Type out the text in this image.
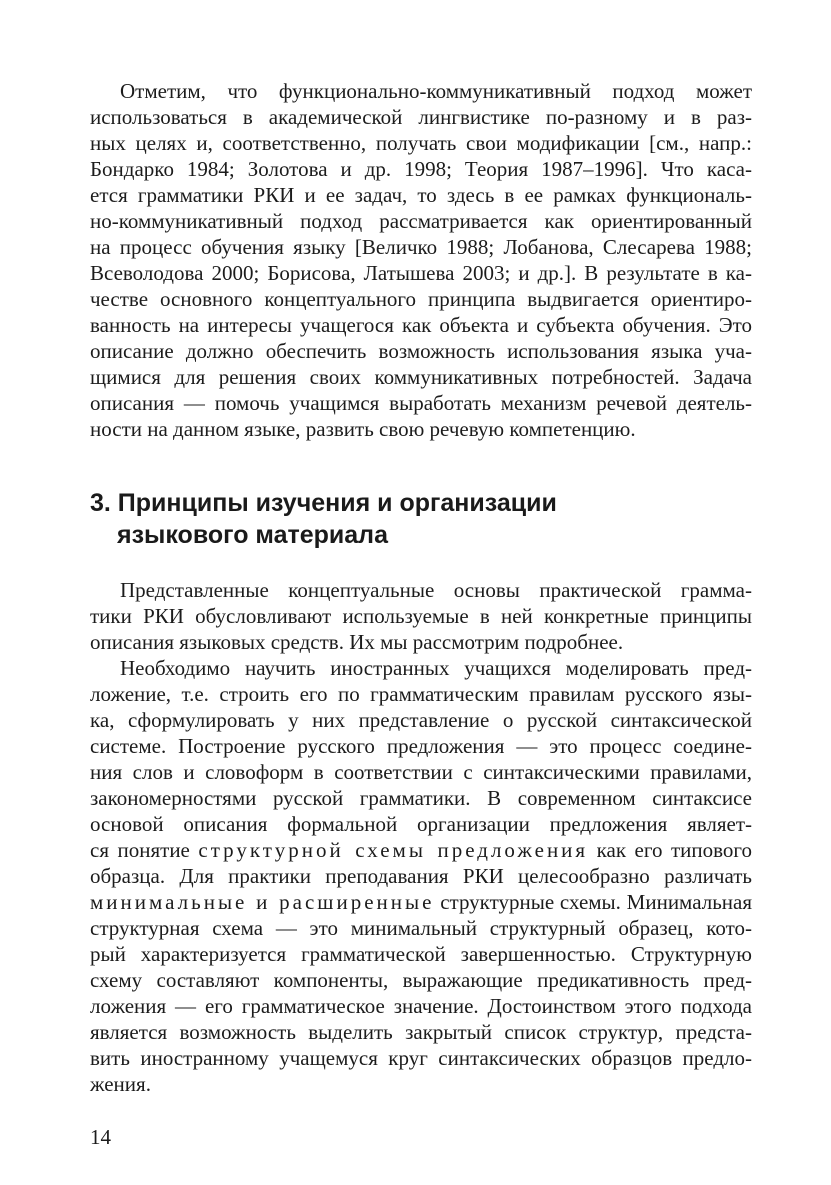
Отметим, что функционально-коммуникативный подход может
использоваться в академической лингвистике по-разному и в раз-
ных целях и, соответственно, получать свои модификации [см., напр.:
Бондарко 1984; Золотова и др. 1998; Теория 1987–1996]. Что каса-
ется грамматики РКИ и ее задач, то здесь в ее рамках функциональ-
но-коммуникативный подход рассматривается как ориентированный
на процесс обучения языку [Величко 1988; Лобанова, Слесарева 1988;
Всеволодова 2000; Борисова, Латышева 2003; и др.]. В результате в ка-
честве основного концептуального принципа выдвигается ориентиро-
ванность на интересы учащегося как объекта и субъекта обучения. Это
описание должно обеспечить возможность использования языка уча-
щимися для решения своих коммуникативных потребностей. Задача
описания — помочь учащимся выработать механизм речевой деятель-
ности на данном языке, развить свою речевую компетенцию.
3. Принципы изучения и организации
языкового материала
Представленные концептуальные основы практической грамма-
тики РКИ обусловливают используемые в ней конкретные принципы
описания языковых средств. Их мы рассмотрим подробнее.
Необходимо научить иностранных учащихся моделировать пред-
ложение, т.е. строить его по грамматическим правилам русского язы-
ка, сформулировать у них представление о русской синтаксической
системе. Построение русского предложения — это процесс соедине-
ния слов и словоформ в соответствии с синтаксическими правилами,
закономерностями русской грамматики. В современном синтаксисе
основой описания формальной организации предложения являет-
ся понятие структурной схемы предложения как его типового
образца. Для практики преподавания РКИ целесообразно различать
минимальные и расширенные структурные схемы. Минимальная
структурная схема — это минимальный структурный образец, кото-
рый характеризуется грамматической завершенностью. Структурную
схему составляют компоненты, выражающие предикативность пред-
ложения — его грамматическое значение. Достоинством этого подхода
является возможность выделить закрытый список структур, предста-
вить иностранному учащемуся круг синтаксических образцов предло-
жения.
14
